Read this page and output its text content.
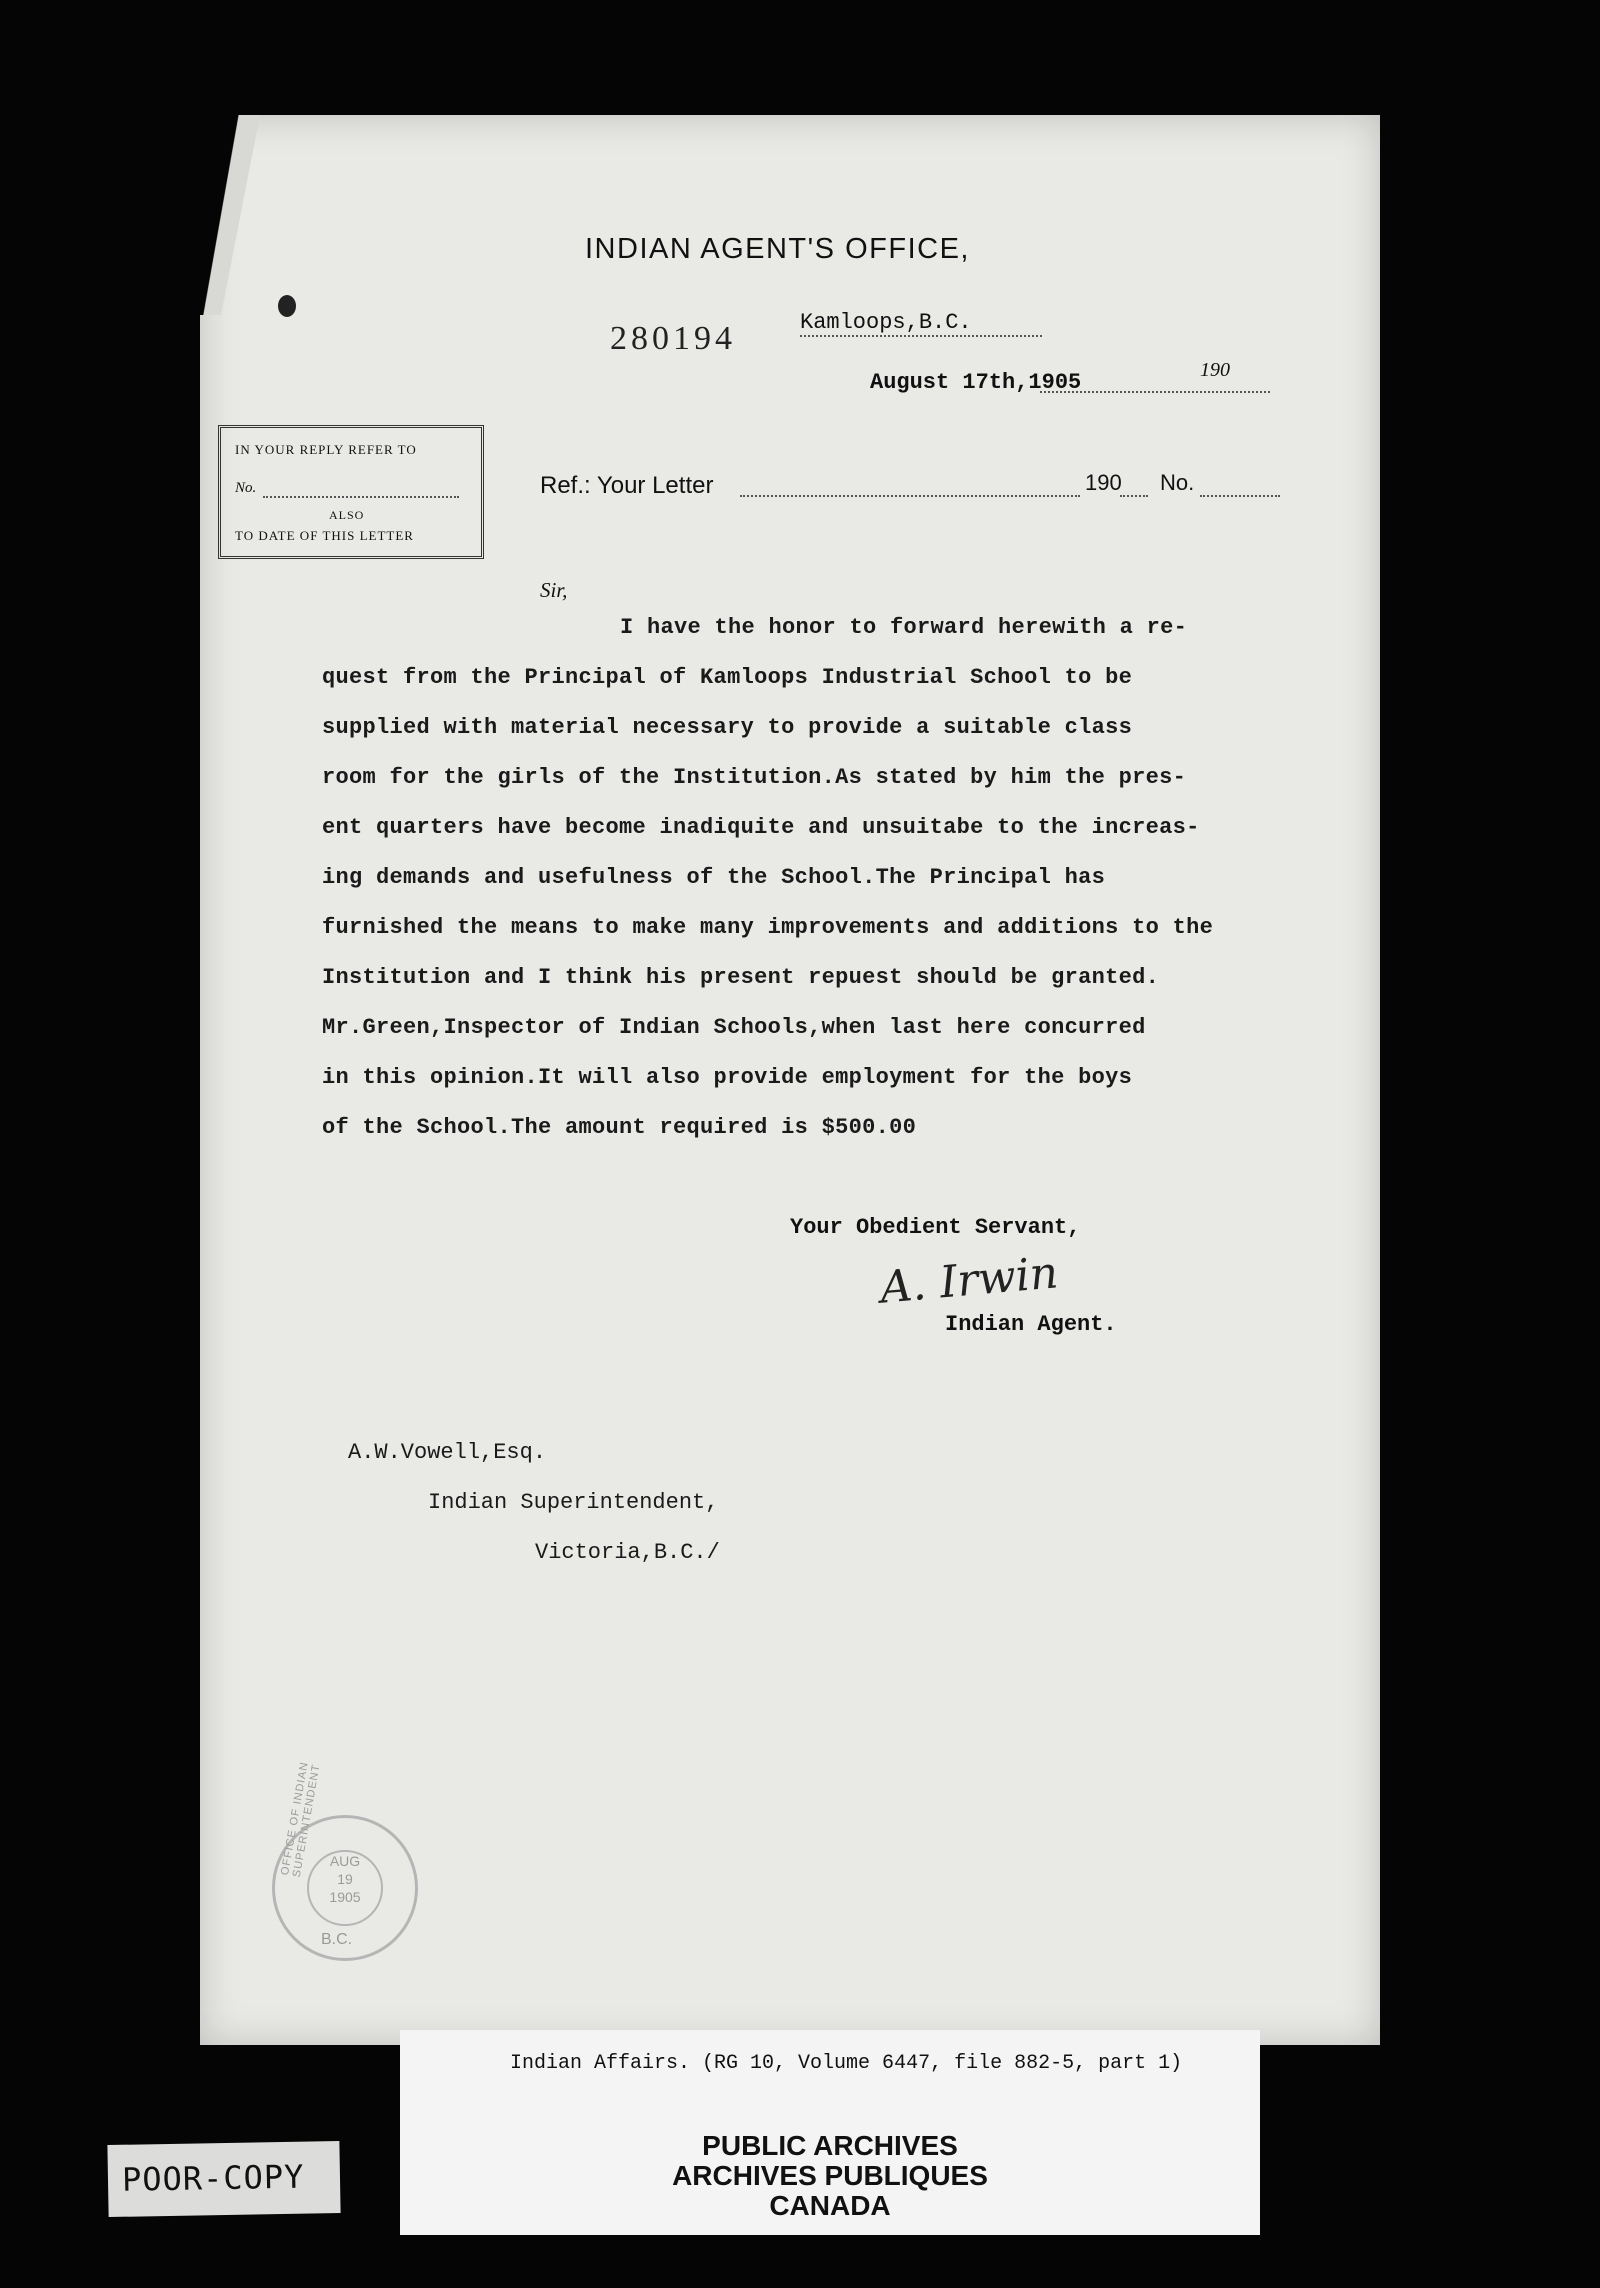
INDIAN AGENT'S OFFICE,
280194	Kamloops,B.C.
August 17th,1905	190
IN YOUR REPLY REFER TO
No.
ALSO
TO DATE OF THIS LETTER
Ref.: Your Letter	190 No.
Sir,
I have the honor to forward herewith a re-
quest from the Principal of Kamloops Industrial School to be
supplied with material necessary to provide a suitable class
room for the girls of the Institution.As stated by him the pres-
ent quarters have become inadiquite and unsuitabe to the increas-
ing demands and usefulness of the School.The Principal has
furnished the means to make many improvements and additions to the
Institution and I think his present repuest should be granted.
Mr.Green,Inspector of Indian Schools,when last here concurred
in this opinion.It will also provide employment for the boys
of the School.The amount required is $500.00
Your Obedient Servant,
A. Irwin
Indian Agent.
A.W.Vowell,Esq.
Indian Superintendent,
Victoria,B.C./
OFFICE OF INDIAN SUPERINTENDENT AUG
19
1905
B.C.
Indian Affairs. (RG 10, Volume 6447, file 882-5, part 1)
PUBLIC ARCHIVES
ARCHIVES PUBLIQUES
CANADA
POOR-COPY
